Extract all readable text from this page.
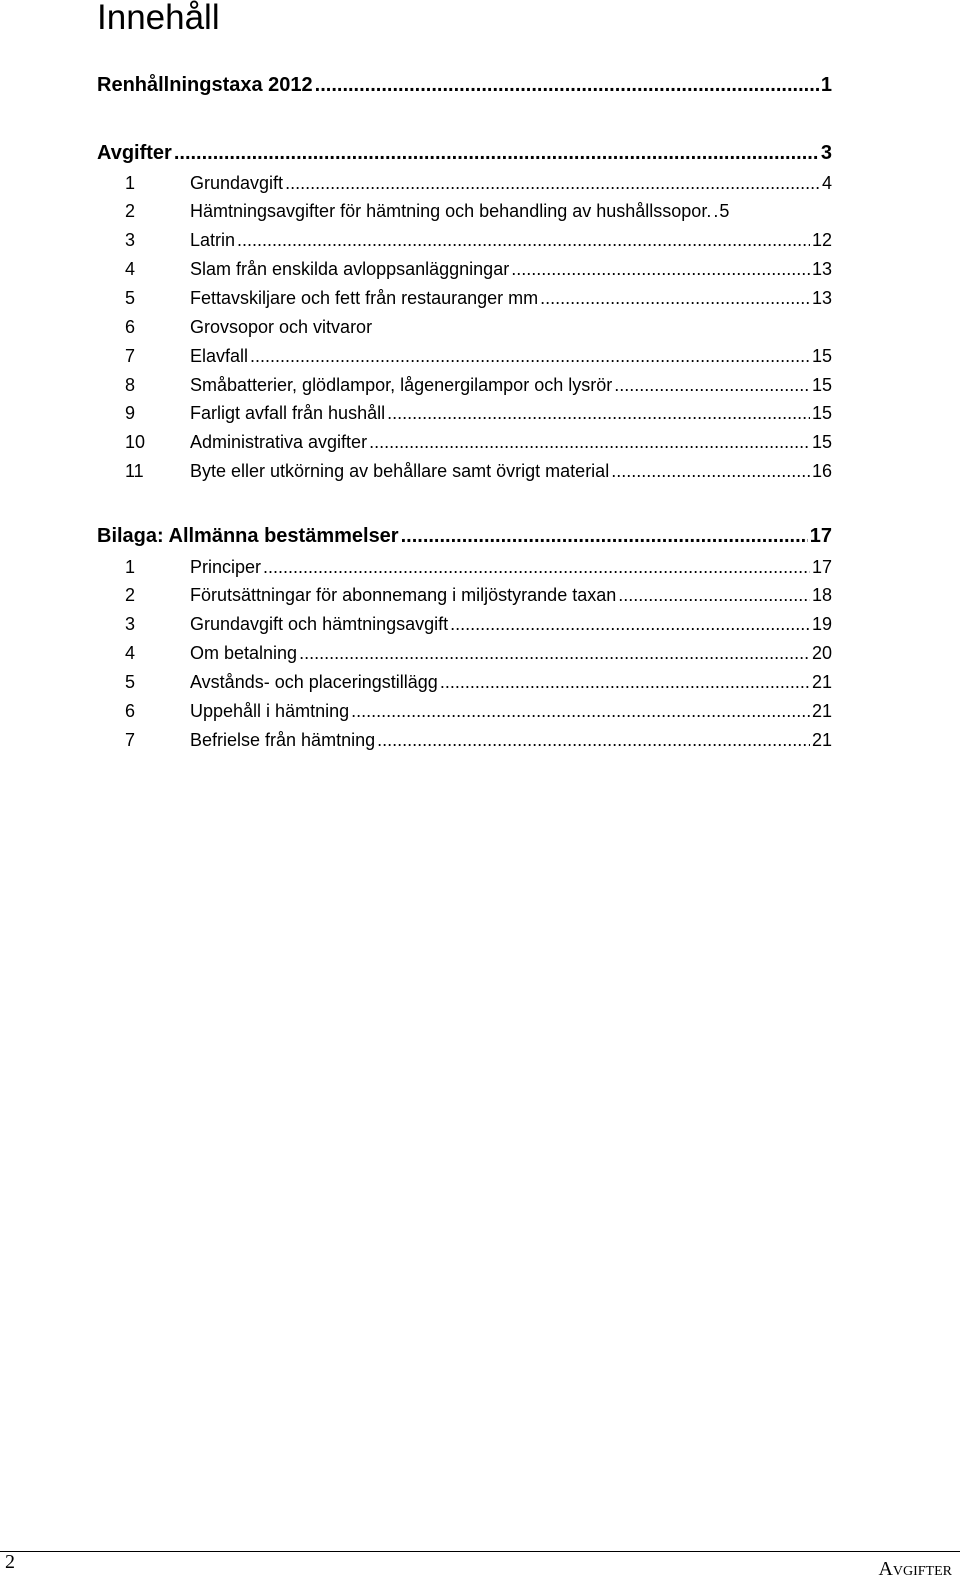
Innehåll
Renhållningstaxa 2012 .....	1
Avgifter .....	3
1	Grundavgift .....	4
2	Hämtningsavgifter för hämtning och behandling av hushållssopor. ..... 5
3	Latrin .....	12
4	Slam från enskilda avloppsanläggningar .....	13
5	Fettavskiljare och fett från restauranger mm .....	13
6	Grovsopor och vitvaror
7	Elavfall .....	15
8	Småbatterier, glödlampor, lågenergilampor och lysrör .....	15
9	Farligt avfall från hushåll .....	15
10	Administrativa avgifter .....	15
11	Byte eller utkörning av behållare samt övrigt material .....	16
Bilaga: Allmänna bestämmelser .....	17
1	Principer .....	17
2	Förutsättningar för abonnemang i miljöstyrande taxan .....	18
3	Grundavgift och hämtningsavgift .....	19
4	Om betalning .....	20
5	Avstånds- och placeringstillägg .....	21
6	Uppehåll i hämtning .....	21
7	Befrielse från hämtning .....	21
2	Avgifter
